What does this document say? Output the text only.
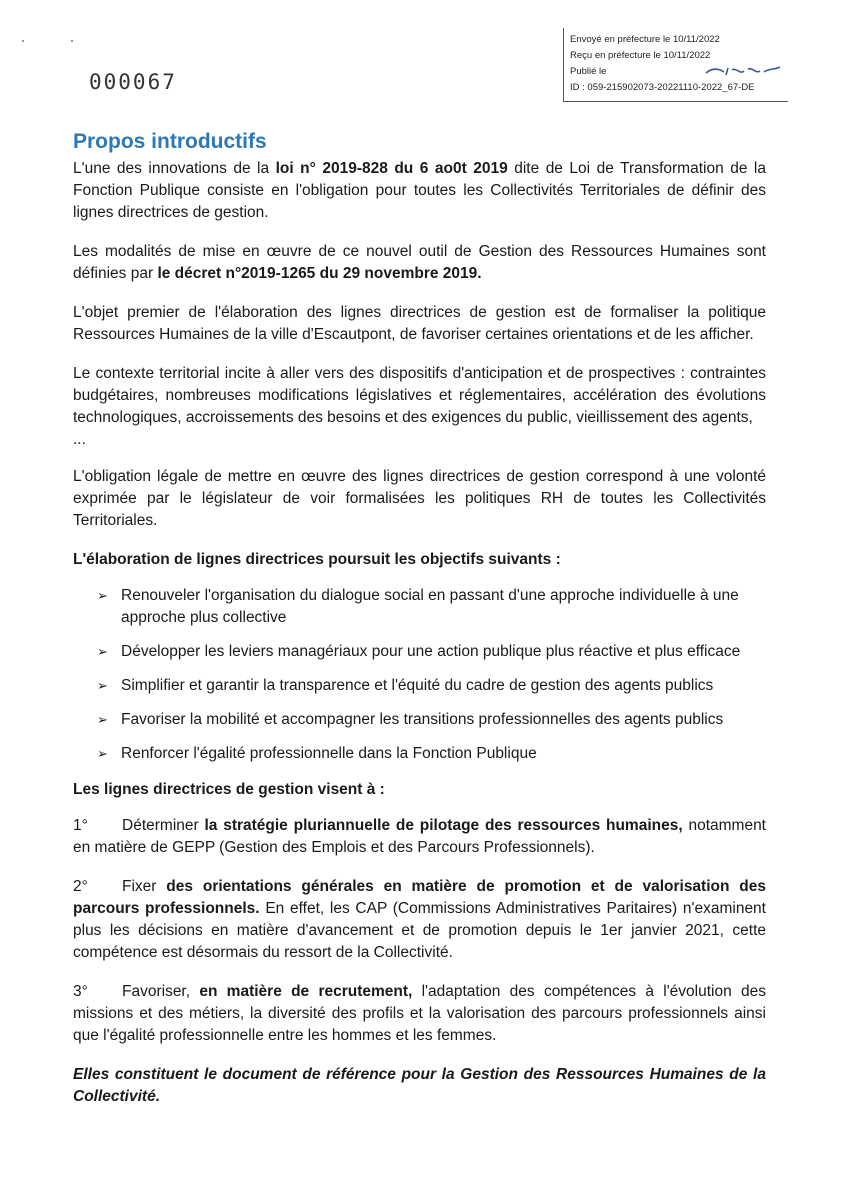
Envoyé en préfecture le 10/11/2022
Reçu en préfecture le 10/11/2022
Publié le
ID : 059-215902073-20221110-2022_67-DE
000067
Propos introductifs

L'une des innovations de la loi n° 2019-828 du 6 ao0t 2019 dite de Loi de Transformation de la Fonction Publique consiste en l'obligation pour toutes les Collectivités Territoriales de définir des lignes directrices de gestion.

Les modalités de mise en œuvre de ce nouvel outil de Gestion des Ressources Humaines sont définies par le décret n°2019-1265 du 29 novembre 2019.

L'objet premier de l'élaboration des lignes directrices de gestion est de formaliser la politique Ressources Humaines de la ville d'Escautpont, de favoriser certaines orientations et de les afficher.

Le contexte territorial incite à aller vers des dispositifs d'anticipation et de prospectives : contraintes budgétaires, nombreuses modifications législatives et réglementaires, accélération des évolutions technologiques, accroissements des besoins et des exigences du public, vieillissement des agents,
...

L'obligation légale de mettre en œuvre des lignes directrices de gestion correspond à une volonté exprimée par le législateur de voir formalisées les politiques RH de toutes les Collectivités Territoriales.

L'élaboration de lignes directrices poursuit les objectifs suivants :
➢ Renouveler l'organisation du dialogue social en passant d'une approche individuelle à une approche plus collective
➢ Développer les leviers managériaux pour une action publique plus réactive et plus efficace
➢ Simplifier et garantir la transparence et l'équité du cadre de gestion des agents publics
➢ Favoriser la mobilité et accompagner les transitions professionnelles des agents publics
➢ Renforcer l'égalité professionnelle dans la Fonction Publique
Les lignes directrices de gestion visent à :

1° Déterminer la stratégie pluriannuelle de pilotage des ressources humaines, notamment en matière de GEPP (Gestion des Emplois et des Parcours Professionnels).

2° Fixer des orientations générales en matière de promotion et de valorisation des parcours professionnels. En effet, les CAP (Commissions Administratives Paritaires) n'examinent plus les décisions en matière d'avancement et de promotion depuis le 1er janvier 2021, cette compétence est désormais du ressort de la Collectivité.

3° Favoriser, en matière de recrutement, l'adaptation des compétences à l'évolution des missions et des métiers, la diversité des profils et la valorisation des parcours professionnels ainsi que l'égalité professionnelle entre les hommes et les femmes.

Elles constituent le document de référence pour la Gestion des Ressources Humaines de la Collectivité.
